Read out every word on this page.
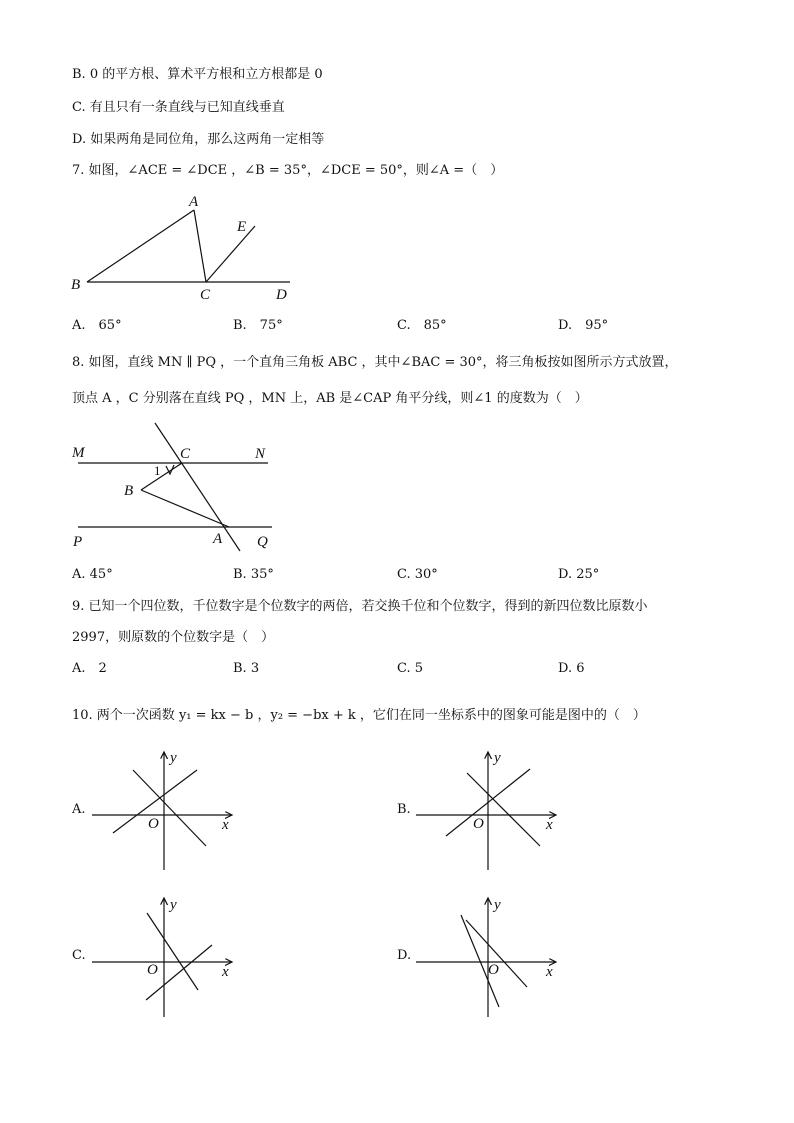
B. 0 的平方根、算术平方根和立方根都是 0
C. 有且只有一条直线与已知直线垂直
D. 如果两角是同位角，那么这两角一定相等
7. 如图，∠ACE = ∠DCE ，∠B = 35°，∠DCE = 50°，则∠A =（　）
A
B
C	D
E
A.　65°	B.　75°	C.　85°	D.　95°
8. 如图，直线 MN ∥ PQ ，一个直角三角板 ABC ，其中∠BAC = 30°，将三角板按如图所示方式放置，
顶点 A ，C 分别落在直线 PQ ，MN 上，AB 是∠CAP 角平分线，则∠1 的度数为（　）
M	C	N
1
B
P	A Q
A. 45°	B. 35°	C. 30°	D. 25°
9. 已知一个四位数，千位数字是个位数字的两倍，若交换千位和个位数字，得到的新四位数比原数小
2997，则原数的个位数字是（　）
A.　2	B. 3	C. 5	D. 6
10. 两个一次函数 y₁ = kx − b ，y₂ = −bx + k ，它们在同一坐标系中的图象可能是图中的（　）
A.	B.
C.	D.
y
x
O
y
x
O
y
x
O
y
x
O
